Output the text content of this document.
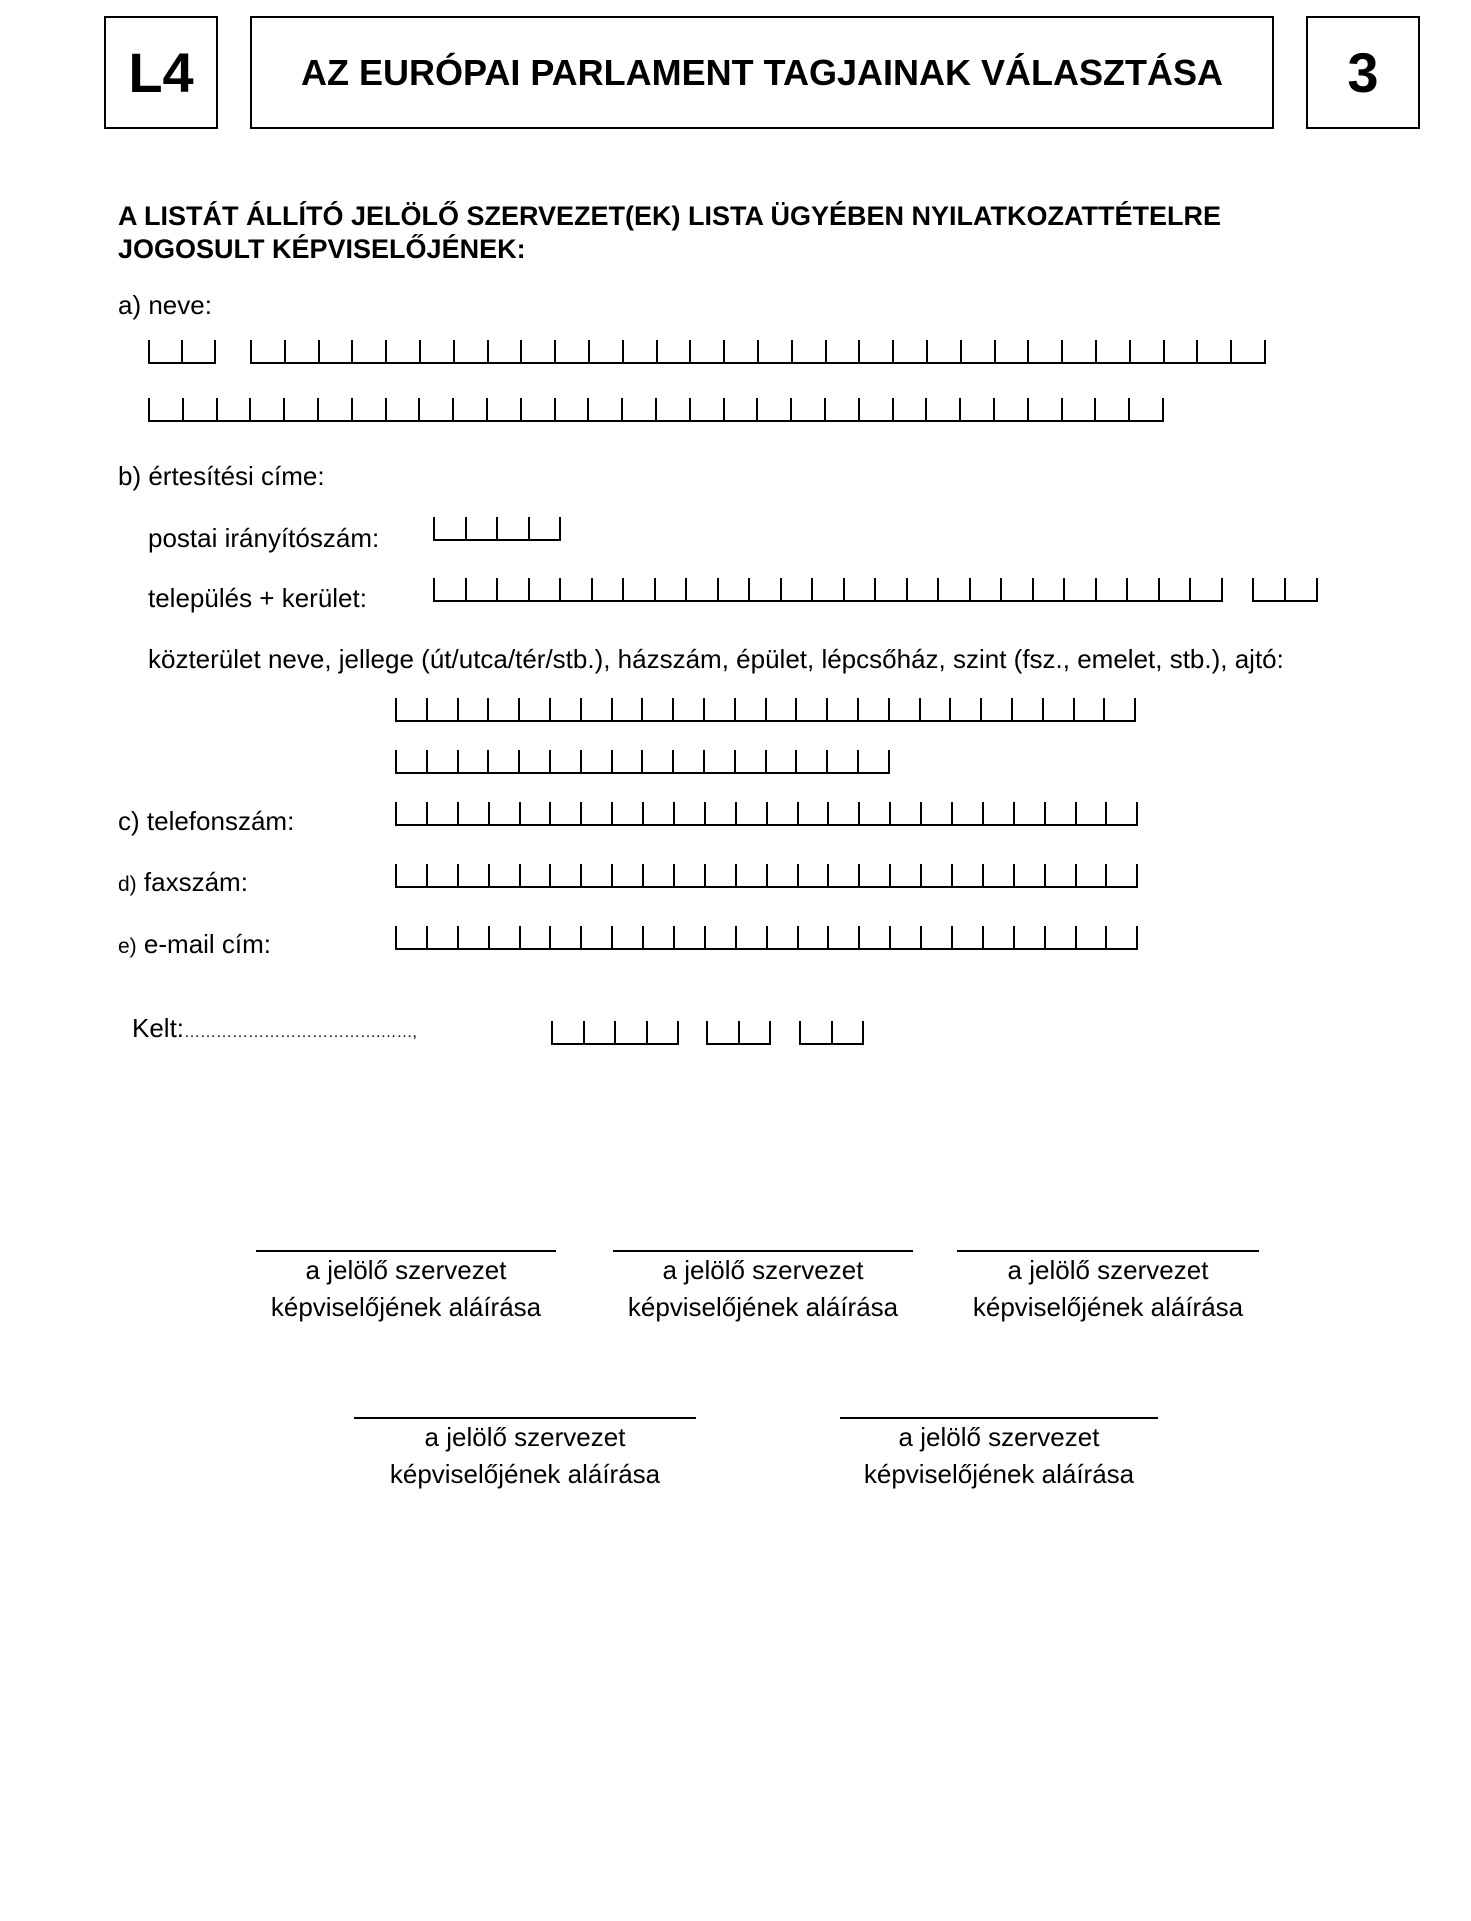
L4	AZ EURÓPAI PARLAMENT TAGJAINAK VÁLASZTÁSA 3
A LISTÁT ÁLLÍTÓ JELÖLŐ SZERVEZET(EK) LISTA ÜGYÉBEN NYILATKOZATTÉTELRE JOGOSULT KÉPVISELŐJÉNEK:
a) neve:
b) értesítési címe:
postai irányítószám:
település + kerület:
közterület neve, jellege (út/utca/tér/stb.), házszám, épület, lépcsőház, szint (fsz., emelet, stb.), ajtó:
c) telefonszám:
d) faxszám:
e) e-mail cím:
Kelt:……………………………….……,
a jelölő szervezet
képviselőjének aláírása
a jelölő szervezet
képviselőjének aláírása
a jelölő szervezet
képviselőjének aláírása
a jelölő szervezet
képviselőjének aláírása
a jelölő szervezet
képviselőjének aláírása
